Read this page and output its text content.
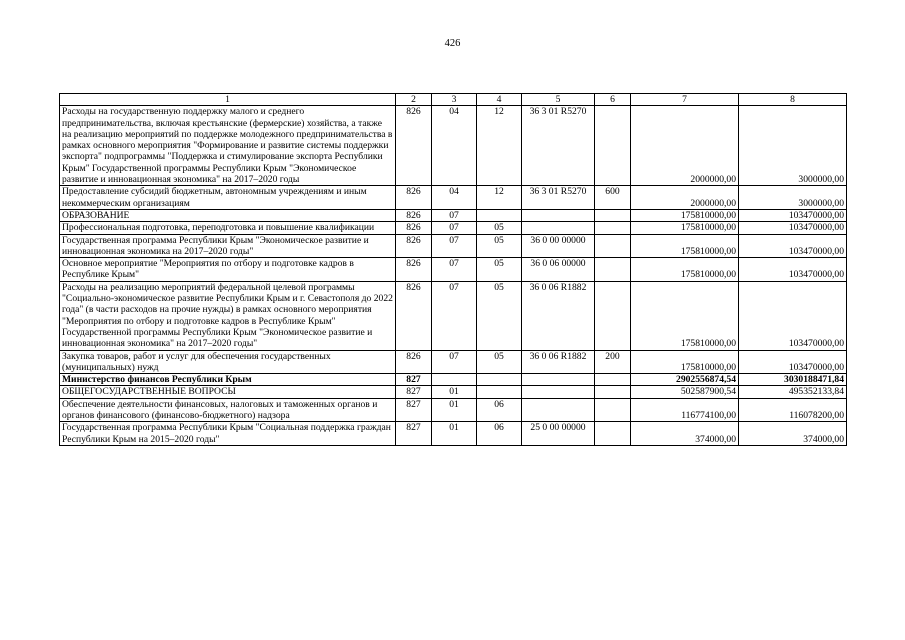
426
1	2	3	4	5	6	7	8
Расходы на государственную поддержку малого и среднего предпринимательства, включая крестьянские (фермерские) хозяйства, а также на реализацию мероприятий по поддержке молодежного предпринимательства в рамках основного мероприятия "Формирование и развитие системы поддержки экспорта" подпрограммы "Поддержка и стимулирование экспорта Республики Крым" Государственной программы Республики Крым "Экономическое развитие и инновационная экономика" на 2017–2020 годы	826	04	12	36 3 01 R5270		2000000,00	3000000,00
Предоставление субсидий бюджетным, автономным учреждениям и иным некоммерческим организациям	826	04	12	36 3 01 R5270	600	2000000,00	3000000,00
ОБРАЗОВАНИЕ	826	07				175810000,00	103470000,00
Профессиональная подготовка, переподготовка и повышение квалификации	826	07	05			175810000,00	103470000,00
Государственная программа Республики Крым "Экономическое развитие и инновационная экономика на 2017–2020 годы"	826	07	05	36 0 00 00000		175810000,00	103470000,00
Основное мероприятие "Мероприятия по отбору и подготовке кадров в Республике Крым"	826	07	05	36 0 06 00000		175810000,00	103470000,00
Расходы на реализацию мероприятий федеральной целевой программы "Социально-экономическое развитие Республики Крым и г. Севастополя до 2022 года" (в части расходов на прочие нужды) в рамках основного мероприятия "Мероприятия по отбору и подготовке кадров в Республике Крым" Государственной программы Республики Крым "Экономическое развитие и инновационная экономика" на 2017–2020 годы"	826	07	05	36 0 06 R1882		175810000,00	103470000,00
Закупка товаров, работ и услуг для обеспечения государственных (муниципальных) нужд	826	07	05	36 0 06 R1882	200	175810000,00	103470000,00
Министерство финансов Республики Крым	827					2902556874,54	3030188471,84
ОБЩЕГОСУДАРСТВЕННЫЕ ВОПРОСЫ	827	01				502587900,54	495352133,84
Обеспечение деятельности финансовых, налоговых и таможенных органов и органов финансового (финансово-бюджетного) надзора	827	01	06			116774100,00	116078200,00
Государственная программа Республики Крым "Социальная поддержка граждан Республики Крым на 2015–2020 годы"	827	01	06	25 0 00 00000		374000,00	374000,00
